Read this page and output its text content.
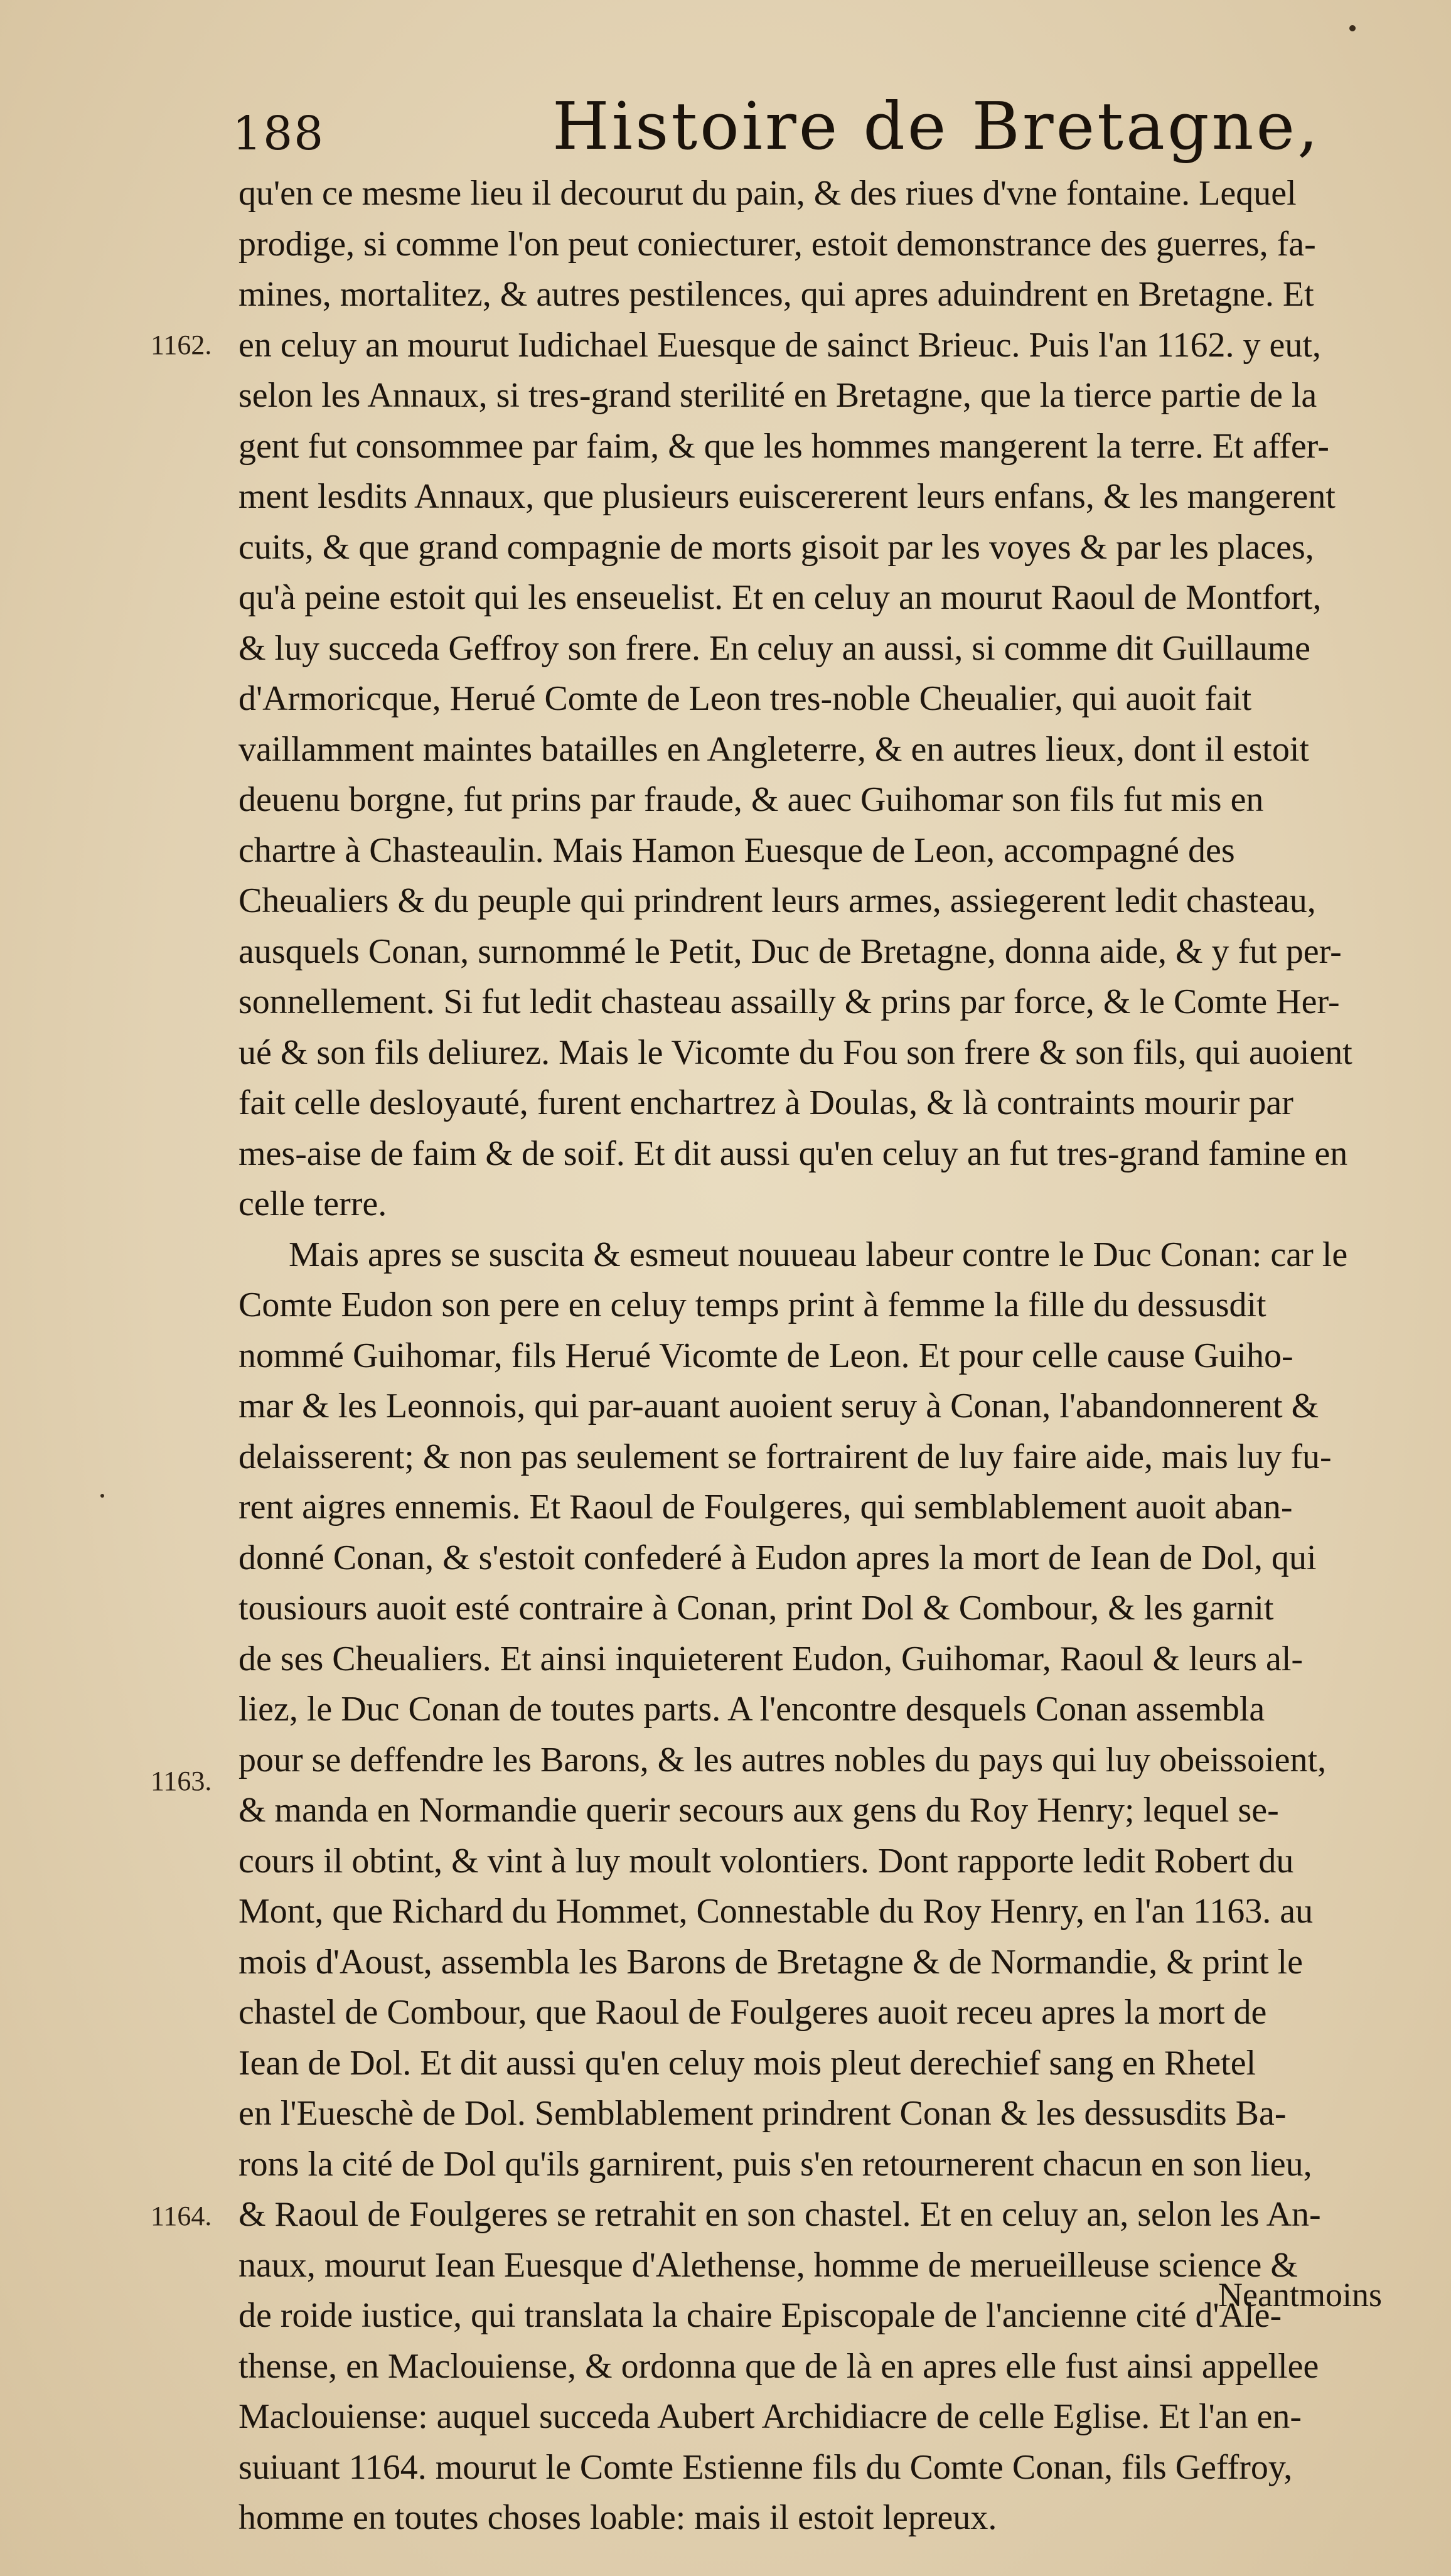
188	Histoire de Bretagne,
1162.
1163.
1164.
qu'en ce mesme lieu il decourut du pain, & des riues d'vne fontaine. Lequel
prodige, si comme l'on peut coniecturer, estoit demonstrance des guerres, fa-
mines, mortalitez, & autres pestilences, qui apres aduindrent en Bretagne. Et
en celuy an mourut Iudichael Euesque de sainct Brieuc. Puis l'an 1162. y eut,
selon les Annaux, si tres-grand sterilité en Bretagne, que la tierce partie de la
gent fut consommee par faim, & que les hommes mangerent la terre. Et affer-
ment lesdits Annaux, que plusieurs euiscererent leurs enfans, & les mangerent
cuits, & que grand compagnie de morts gisoit par les voyes & par les places,
qu'à peine estoit qui les enseuelist. Et en celuy an mourut Raoul de Montfort,
& luy succeda Geffroy son frere. En celuy an aussi, si comme dit Guillaume
d'Armoricque, Herué Comte de Leon tres-noble Cheualier, qui auoit fait
vaillamment maintes batailles en Angleterre, & en autres lieux, dont il estoit
deuenu borgne, fut prins par fraude, & auec Guihomar son fils fut mis en
chartre à Chasteaulin. Mais Hamon Euesque de Leon, accompagné des
Cheualiers & du peuple qui prindrent leurs armes, assiegerent ledit chasteau,
ausquels Conan, surnommé le Petit, Duc de Bretagne, donna aide, & y fut per-
sonnellement. Si fut ledit chasteau assailly & prins par force, & le Comte Her-
ué & son fils deliurez. Mais le Vicomte du Fou son frere & son fils, qui auoient
fait celle desloyauté, furent enchartrez à Doulas, & là contraints mourir par
mes-aise de faim & de soif. Et dit aussi qu'en celuy an fut tres-grand famine en
celle terre.
Mais apres se suscita & esmeut nouueau labeur contre le Duc Conan: car le
Comte Eudon son pere en celuy temps print à femme la fille du dessusdit
nommé Guihomar, fils Herué Vicomte de Leon. Et pour celle cause Guiho-
mar & les Leonnois, qui par-auant auoient seruy à Conan, l'abandonnerent &
delaisserent; & non pas seulement se fortrairent de luy faire aide, mais luy fu-
rent aigres ennemis. Et Raoul de Foulgeres, qui semblablement auoit aban-
donné Conan, & s'estoit confederé à Eudon apres la mort de Iean de Dol, qui
tousiours auoit esté contraire à Conan, print Dol & Combour, & les garnit
de ses Cheualiers. Et ainsi inquieterent Eudon, Guihomar, Raoul & leurs al-
liez, le Duc Conan de toutes parts. A l'encontre desquels Conan assembla
pour se deffendre les Barons, & les autres nobles du pays qui luy obeissoient,
& manda en Normandie querir secours aux gens du Roy Henry; lequel se-
cours il obtint, & vint à luy moult volontiers. Dont rapporte ledit Robert du
Mont, que Richard du Hommet, Connestable du Roy Henry, en l'an 1163. au
mois d'Aoust, assembla les Barons de Bretagne & de Normandie, & print le
chastel de Combour, que Raoul de Foulgeres auoit receu apres la mort de
Iean de Dol. Et dit aussi qu'en celuy mois pleut derechief sang en Rhetel
en l'Eueschè de Dol. Semblablement prindrent Conan & les dessusdits Ba-
rons la cité de Dol qu'ils garnirent, puis s'en retournerent chacun en son lieu,
& Raoul de Foulgeres se retrahit en son chastel. Et en celuy an, selon les An-
naux, mourut Iean Euesque d'Alethense, homme de merueilleuse science &
de roide iustice, qui translata la chaire Episcopale de l'ancienne cité d'Ale-
thense, en Maclouiense, & ordonna que de là en apres elle fust ainsi appellee
Maclouiense: auquel succeda Aubert Archidiacre de celle Eglise. Et l'an en-
suiuant 1164. mourut le Comte Estienne fils du Comte Conan, fils Geffroy,
homme en toutes choses loable: mais il estoit lepreux.
Neantmoins
